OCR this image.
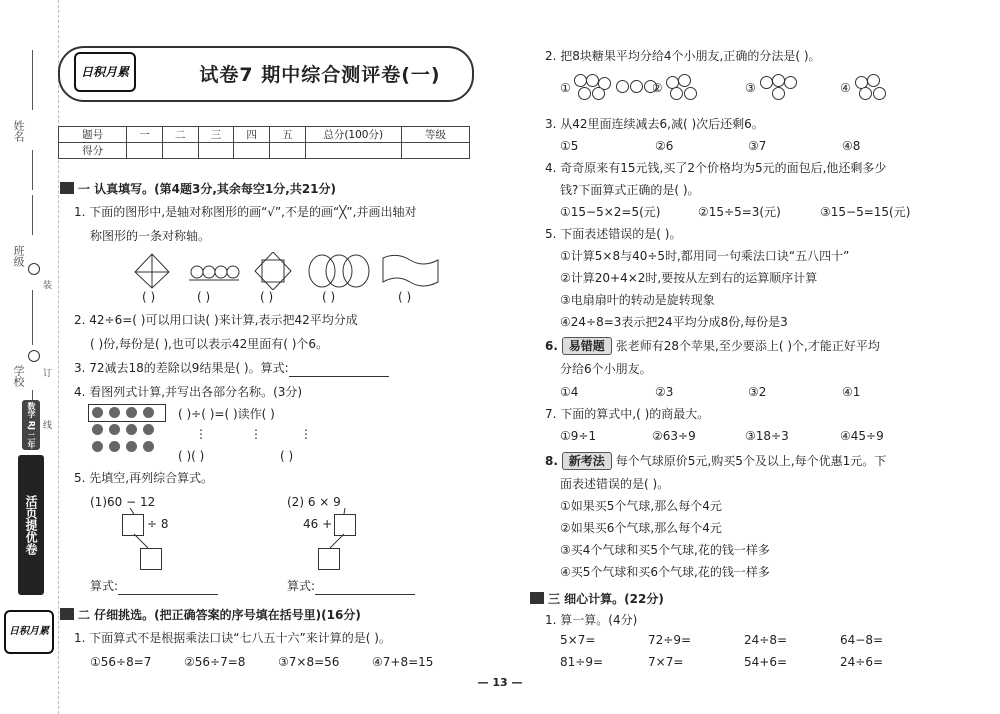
姓名
班级
装
订
学校
线
活页提优卷
数学 RJ 二年级 下册
日积月累
日积月累	试卷7 期中综合测评卷(一)
题号	一	二	三	四	五	总分(100分)	等级
得分							
一 认真填写。(第4题3分,其余每空1分,共21分)
1. 下面的图形中,是轴对称图形的画“√”,不是的画“╳”,并画出轴对
称图形的一条对称轴。
( )	( )	( )	( )	( )
2. 42÷6=( )可以用口诀( )来计算,表示把42平均分成
( )份,每份是( ),也可以表示42里面有( )个6。
3. 72减去18的差除以9结果是( )。算式:
4. 看图列式计算,并写出各部分名称。(3分)
( )÷( )=( )读作( )
⋮	⋮	⋮
( )( )	( )
5. 先填空,再列综合算式。
(1)60 − 12
÷ 8
(2) 6 × 9
46 +
算式:	算式:
二 仔细挑选。(把正确答案的序号填在括号里)(16分)
1. 下面算式不是根据乘法口诀“七八五十六”来计算的是( )。
①56÷8=7	②56÷7=8	③7×8=56	④7+8=15
2. 把8块糖果平均分给4个小朋友,正确的分法是( )。
①	②	③	④
3. 从42里面连续减去6,减( )次后还剩6。
①5	②6	③7	④8
4. 奇奇原来有15元钱,买了2个价格均为5元的面包后,他还剩多少
钱?下面算式正确的是( )。
①15−5×2=5(元)	②15÷5=3(元)	③15−5=15(元)
5. 下面表述错误的是( )。
①计算5×8与40÷5时,都用同一句乘法口诀“五八四十”
②计算20+4×2时,要按从左到右的运算顺序计算
③电扇扇叶的转动是旋转现象
④24÷8=3表示把24平均分成8份,每份是3
6. 易错题 张老师有28个苹果,至少要添上( )个,才能正好平均
分给6个小朋友。
①4	②3	③2	④1
7. 下面的算式中,( )的商最大。
①9÷1	②63÷9	③18÷3	④45÷9
8. 新考法 每个气球原价5元,购买5个及以上,每个优惠1元。下
面表述错误的是( )。
①如果买5个气球,那么每个4元
②如果买6个气球,那么每个4元
③买4个气球和买5个气球,花的钱一样多
④买5个气球和买6个气球,花的钱一样多
三 细心计算。(22分)
1. 算一算。(4分)
5×7=	72÷9=	24÷8=	64−8=
81÷9=	7×7=	54+6=	24÷6=
— 13 —
